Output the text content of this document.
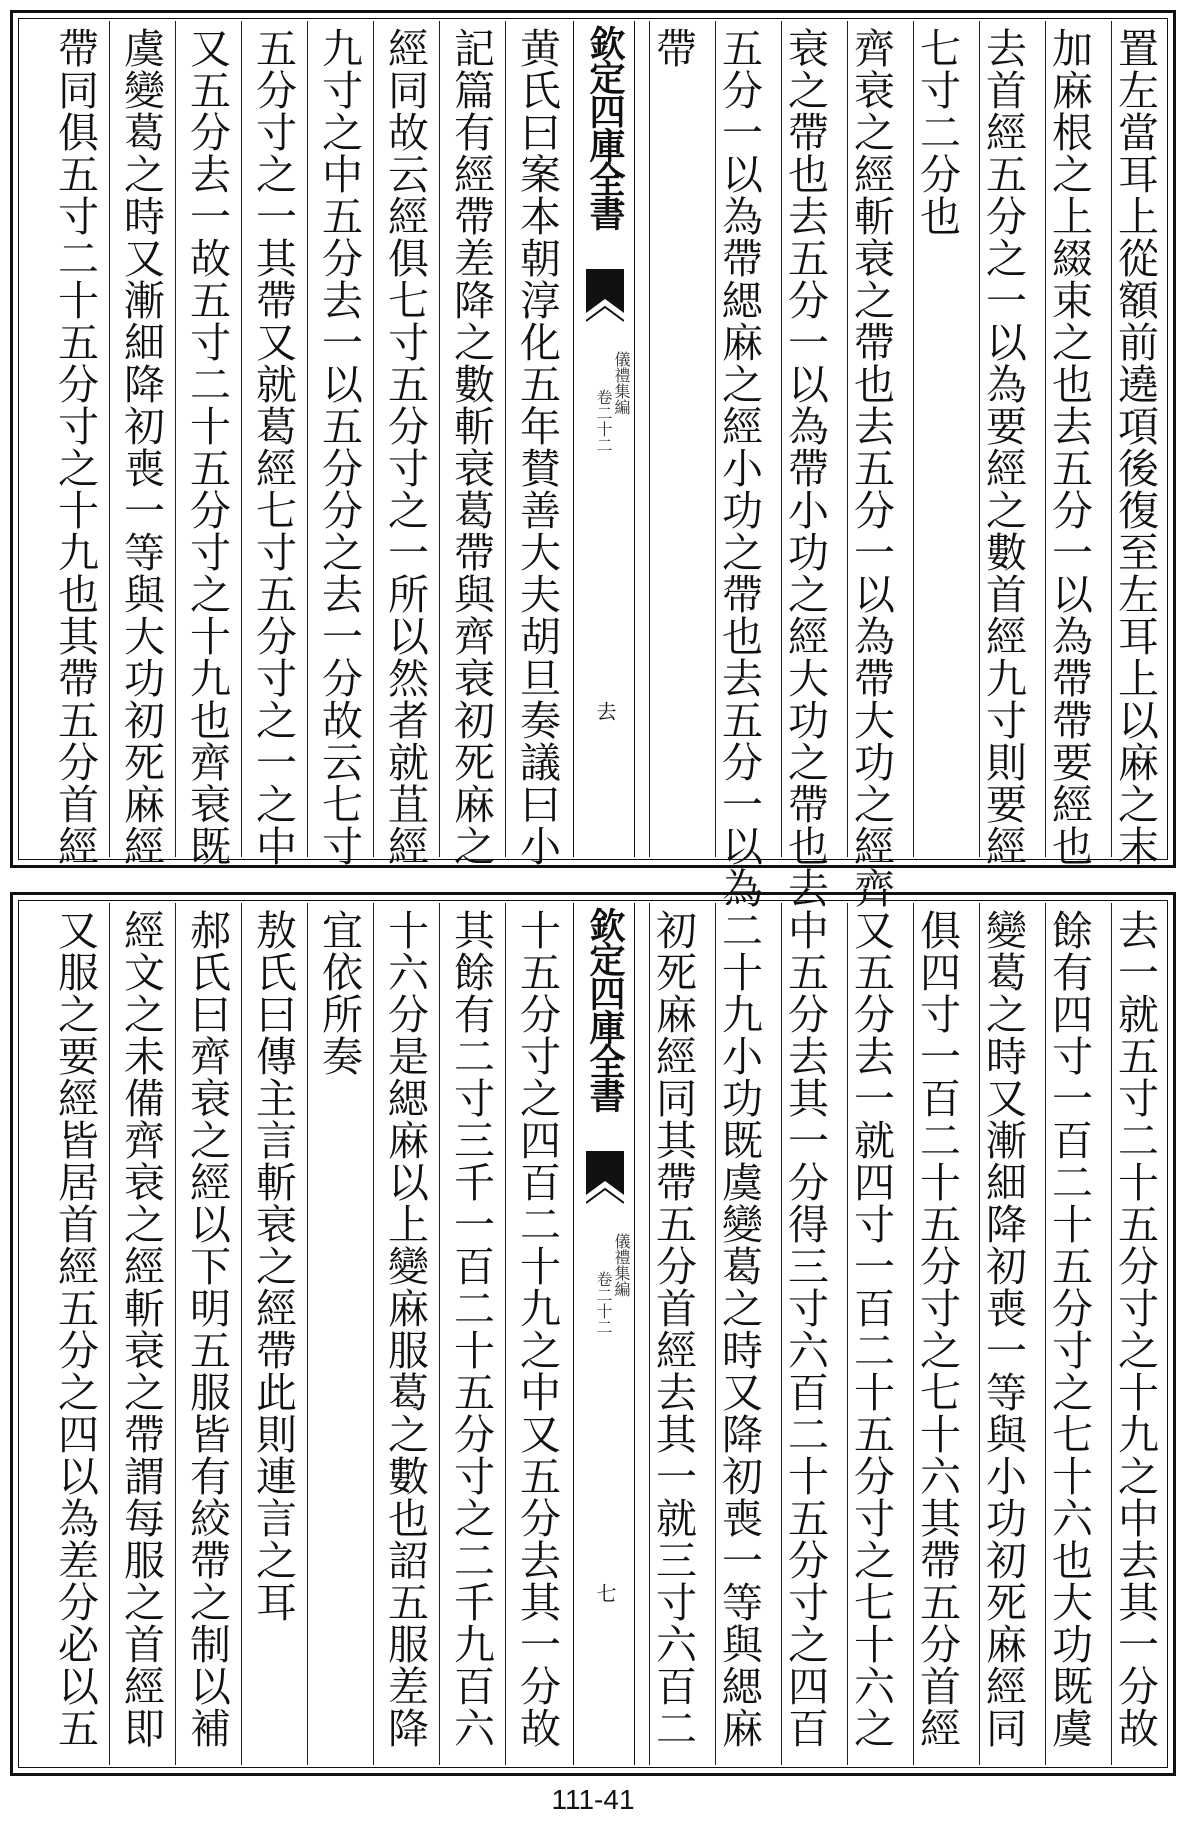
置左當耳上從額前遶項後復至左耳上以麻之末
加麻根之上綴束之也去五分一以為帶帶要經也
去首經五分之一以為要經之數首經九寸則要經
七寸二分也
齊衰之經斬衰之帶也去五分一以為帶大功之經齊
衰之帶也去五分一以為帶小功之經大功之帶也去
五分一以為帶緦麻之經小功之帶也去五分一以為
帶
欽定四庫全書
儀禮集編
卷二十二
去
黄氏曰案本朝淳化五年賛善大夫胡旦奏議曰小
記篇有經帶差降之數斬衰葛帶與齊衰初死麻之
經同故云經俱七寸五分寸之一所以然者就苴經
九寸之中五分去一以五分分之去一分故云七寸
五分寸之一其帶又就葛經七寸五分寸之一之中
又五分去一故五寸二十五分寸之十九也齊衰既
虞變葛之時又漸細降初喪一等與大功初死麻經
帶同俱五寸二十五分寸之十九也其帶五分首經
去一就五寸二十五分寸之十九之中去其一分故
餘有四寸一百二十五分寸之七十六也大功既虞
變葛之時又漸細降初喪一等與小功初死麻經同
俱四寸一百二十五分寸之七十六其帶五分首經
又五分去一就四寸一百二十五分寸之七十六之
中五分去其一分得三寸六百二十五分寸之四百
二十九小功既虞變葛之時又降初喪一等與緦麻
初死麻經同其帶五分首經去其一就三寸六百二
欽定四庫全書
儀禮集編
卷二十二
七
十五分寸之四百二十九之中又五分去其一分故
其餘有二寸三千一百二十五分寸之二千九百六
十六分是緦麻以上變麻服葛之數也詔五服差降
宜依所奏
敖氏曰傳主言斬衰之經帶此則連言之耳
郝氏曰齊衰之經以下明五服皆有絞帶之制以補
經文之未備齊衰之經斬衰之帶謂每服之首經即
又服之要經皆居首經五分之四以為差分必以五
111-41
